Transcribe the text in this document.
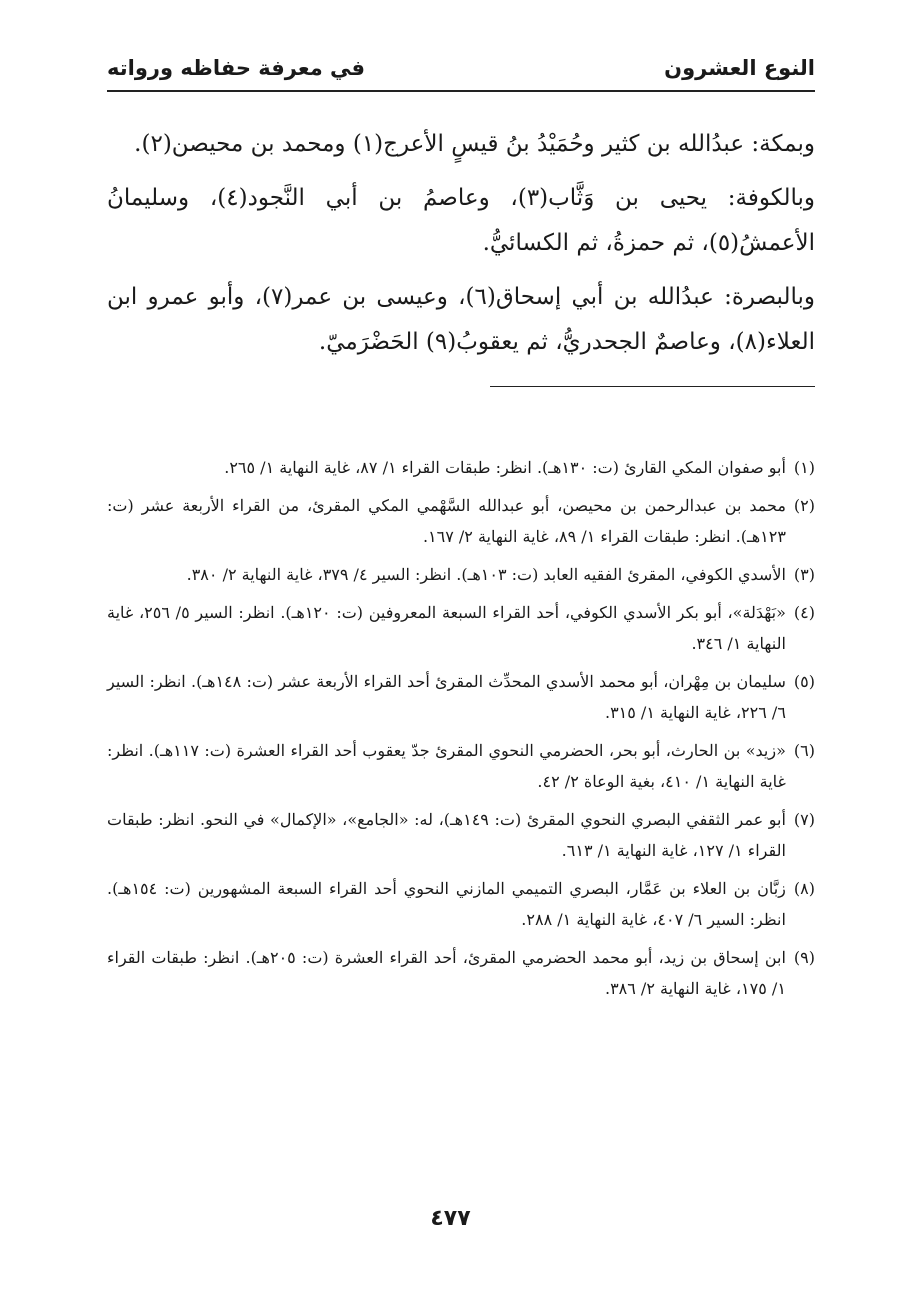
النوع العشرون
في معرفة حفاظه ورواته

وبمكة: عبدُالله بن كثير وحُمَيْدُ بنُ قيسٍ الأعرج(١) ومحمد بن محيصن(٢).

وبالكوفة: يحيى بن وَثَّاب(٣)، وعاصمُ بن أبي النَّجود(٤)، وسليمانُ الأعمشُ(٥)، ثم حمزةُ، ثم الكسائيُّ.

وبالبصرة: عبدُالله بن أبي إسحاق(٦)، وعيسى بن عمر(٧)، وأبو عمرو ابن العلاء(٨)، وعاصمٌ الجحدريُّ، ثم يعقوبُ(٩) الحَضْرَميّ.

(١)
أبو صفوان المكي القارئ (ت: ١٣٠هـ). انظر: طبقات القراء ١/ ٨٧، غاية النهاية ١/ ٢٦٥.
(٢)
محمد بن عبدالرحمن بن محيصن، أبو عبدالله السَّهْمي المكي المقرئ، من القراء الأربعة عشر (ت: ١٢٣هـ). انظر: طبقات القراء ١/ ٨٩، غاية النهاية ٢/ ١٦٧.
(٣)
الأسدي الكوفي، المقرئ الفقيه العابد (ت: ١٠٣هـ). انظر: السير ٤/ ٣٧٩، غاية النهاية ٢/ ٣٨٠.
(٤)
«بَهْدَلة»، أبو بكر الأسدي الكوفي، أحد القراء السبعة المعروفين (ت: ١٢٠هـ). انظر: السير ٥/ ٢٥٦، غاية النهاية ١/ ٣٤٦.
(٥)
سليمان بن مِهْران، أبو محمد الأسدي المحدِّث المقرئ أحد القراء الأربعة عشر (ت: ١٤٨هـ). انظر: السير ٦/ ٢٢٦، غاية النهاية ١/ ٣١٥.
(٦)
«زيد» بن الحارث، أبو بحر، الحضرمي النحوي المقرئ جدّ يعقوب أحد القراء العشرة (ت: ١١٧هـ). انظر: غاية النهاية ١/ ٤١٠، بغية الوعاة ٢/ ٤٢.
(٧)
أبو عمر الثقفي البصري النحوي المقرئ (ت: ١٤٩هـ)، له: «الجامع»، «الإكمال» في النحو. انظر: طبقات القراء ١/ ١٢٧، غاية النهاية ١/ ٦١٣.
(٨)
زبَّان بن العلاء بن عَمَّار، البصري التميمي المازني النحوي أحد القراء السبعة المشهورين (ت: ١٥٤هـ). انظر: السير ٦/ ٤٠٧، غاية النهاية ١/ ٢٨٨.
(٩)
ابن إسحاق بن زيد، أبو محمد الحضرمي المقرئ، أحد القراء العشرة (ت: ٢٠٥هـ). انظر: طبقات القراء ١/ ١٧٥، غاية النهاية ٢/ ٣٨٦.
٤٧٧
